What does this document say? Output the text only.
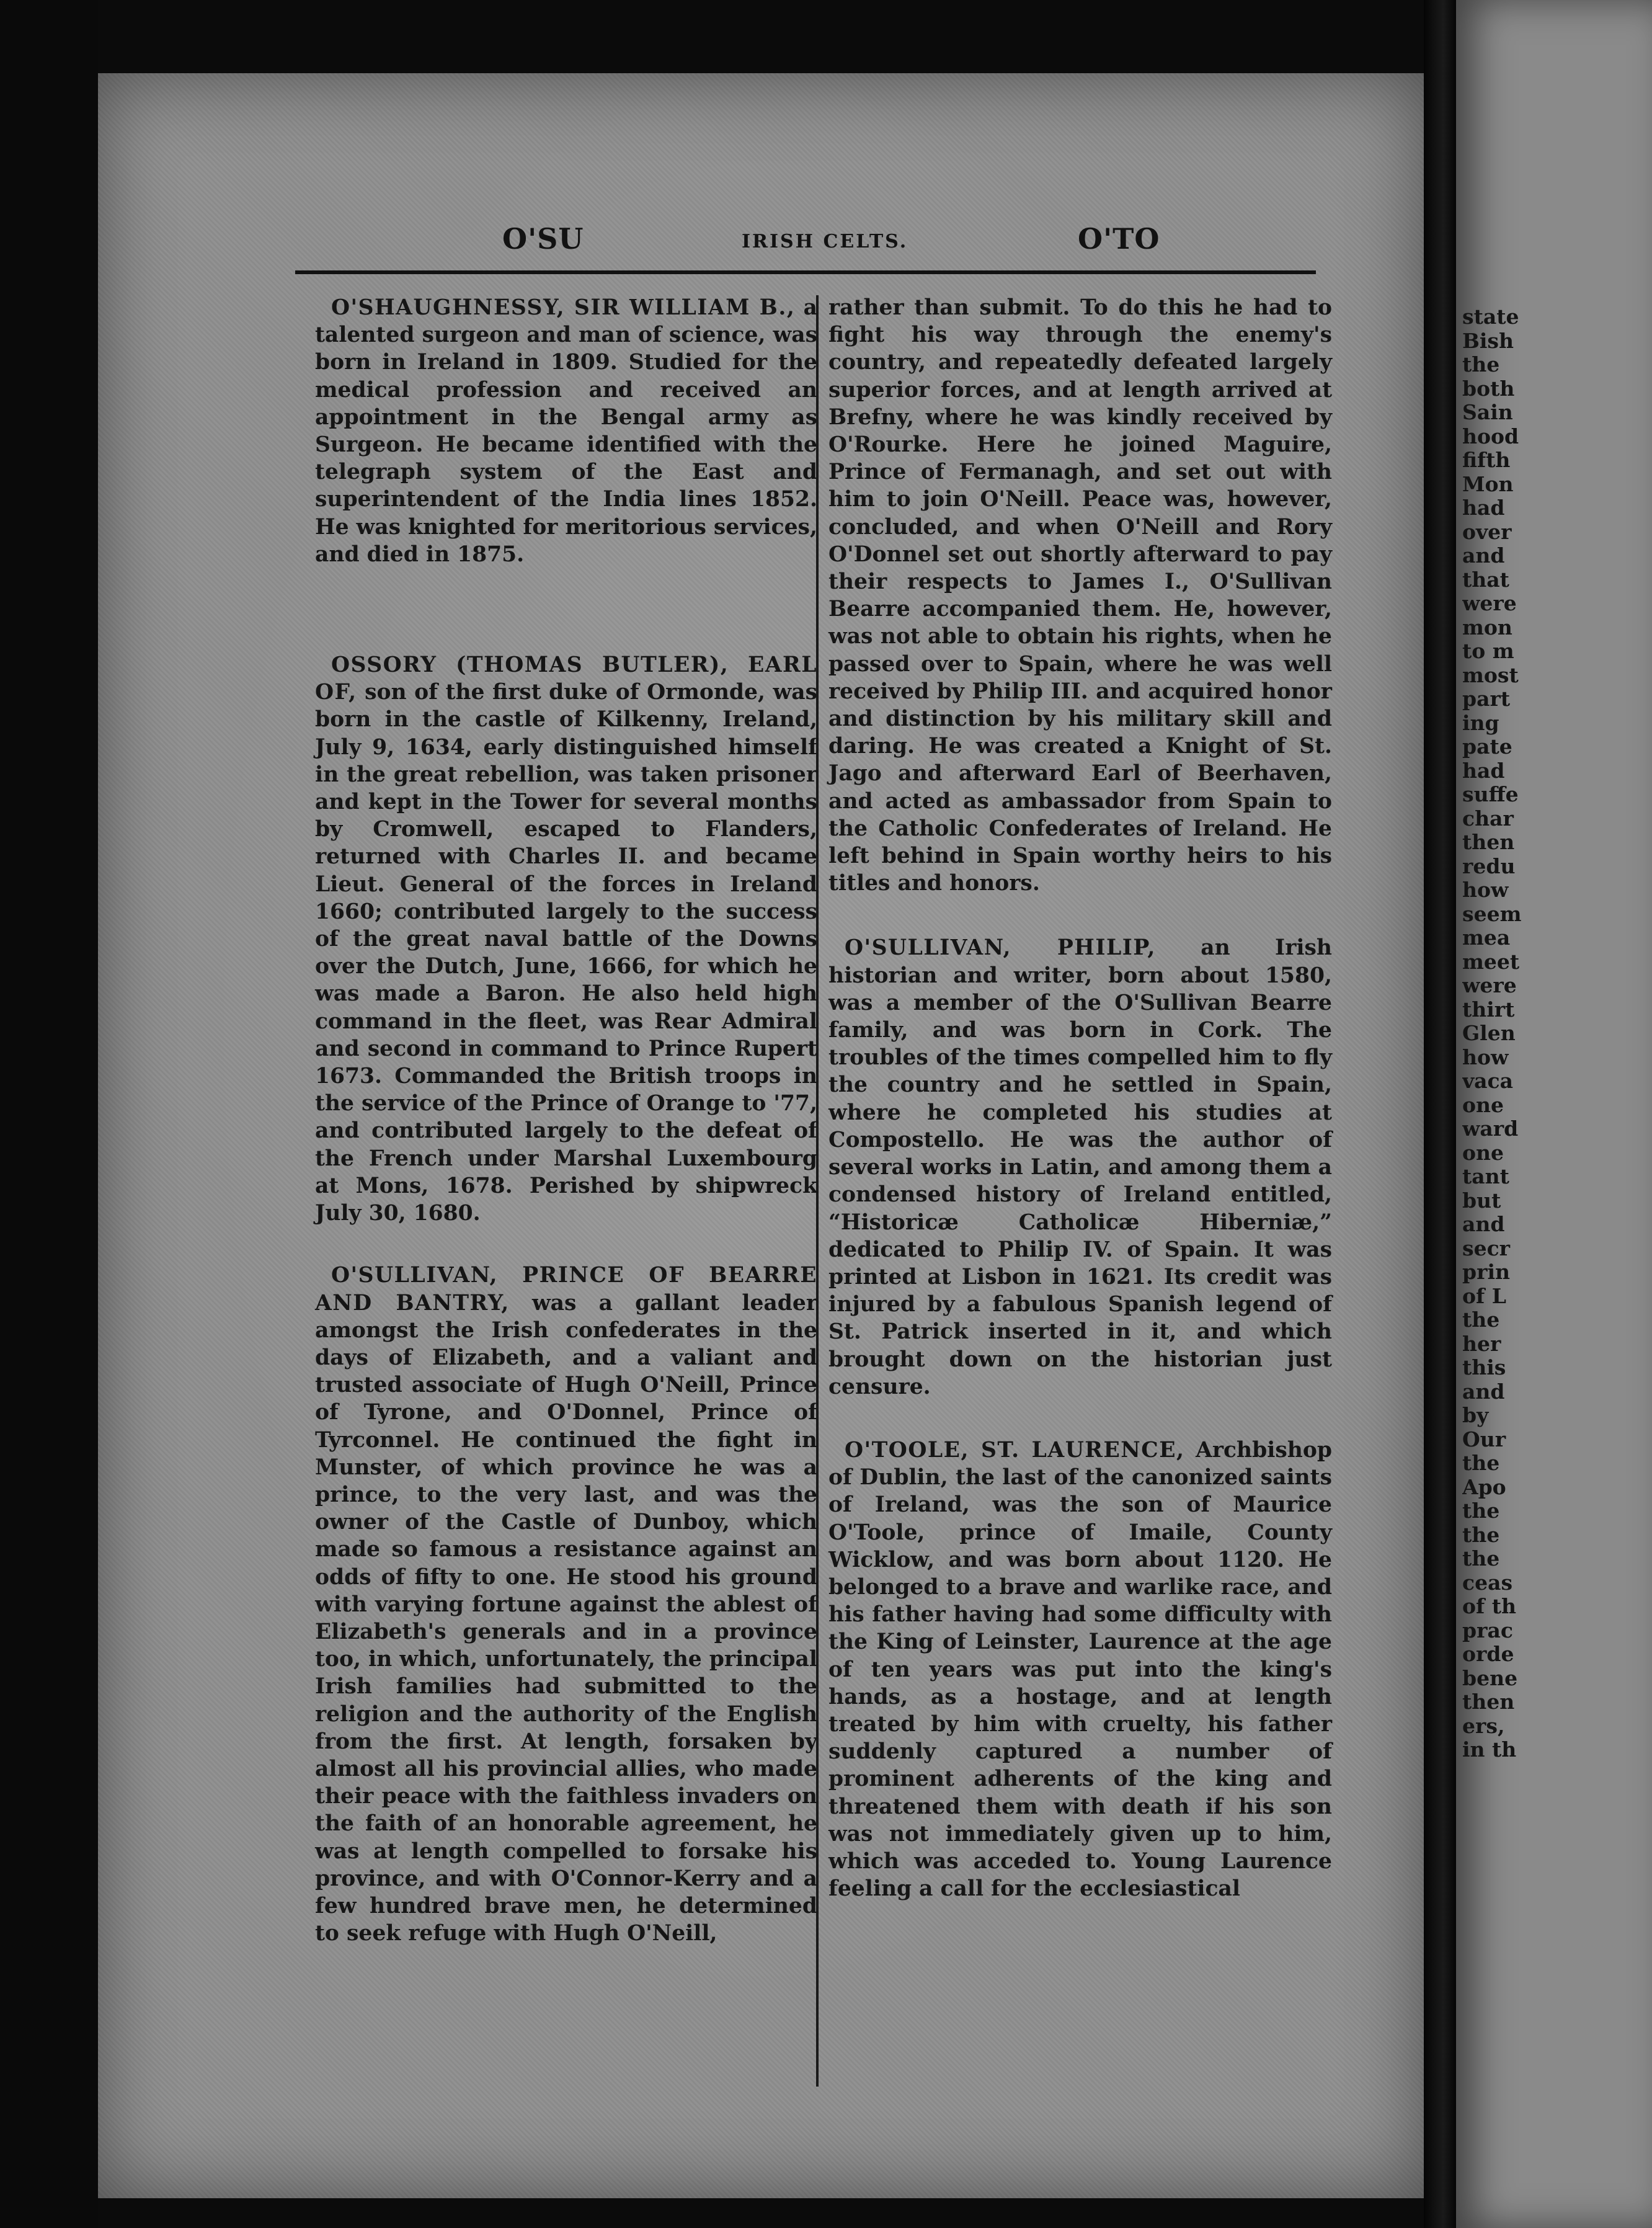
state
Bish
the
both
Sain
hood
fifth
Mon
had
over
and
that
were
mon
to m
most
part
ing
pate
had
suffe
char
then
redu
how
seem
mea
meet
were
thirt
Glen
how
vaca
one
ward
one
tant
but
and
secr
prin
of L
the
her
this
and
by
Our
the
Apo
the
the
the
ceas
of th
prac
orde
bene
then
ers,
in th
O'SU	IRISH CELTS.	O'TO

O'SHAUGHNESSY, SIR WILLIAM B., a talented surgeon and man of science, was born in Ireland in 1809. Studied for the medical profession and received an appointment in the Bengal army as Surgeon. He became identified with the telegraph system of the East and superintendent of the India lines 1852. He was knighted for meritorious services, and died in 1875.

OSSORY (THOMAS BUTLER), EARL OF, son of the first duke of Ormonde, was born in the castle of Kilkenny, Ireland, July 9, 1634, early distinguished himself in the great rebellion, was taken prisoner and kept in the Tower for several months by Cromwell, escaped to Flanders, returned with Charles II. and became Lieut. General of the forces in Ireland 1660; contributed largely to the success of the great naval battle of the Downs over the Dutch, June, 1666, for which he was made a Baron. He also held high command in the fleet, was Rear Admiral and second in command to Prince Rupert 1673. Commanded the British troops in the service of the Prince of Orange to '77, and contributed largely to the defeat of the French under Marshal Luxembourg at Mons, 1678. Perished by shipwreck July 30, 1680.

O'SULLIVAN, PRINCE OF BEARRE AND BANTRY, was a gallant leader amongst the Irish confederates in the days of Elizabeth, and a valiant and trusted associate of Hugh O'Neill, Prince of Tyrone, and O'Donnel, Prince of Tyrconnel. He continued the fight in Munster, of which province he was a prince, to the very last, and was the owner of the Castle of Dunboy, which made so famous a resistance against an odds of fifty to one. He stood his ground with varying fortune against the ablest of Elizabeth's generals and in a province too, in which, unfortunately, the principal Irish families had submitted to the religion and the authority of the English from the first. At length, forsaken by almost all his provincial allies, who made their peace with the faithless invaders on the faith of an honorable agreement, he was at length compelled to forsake his province, and with O'Connor-Kerry and a few hundred brave men, he determined to seek refuge with Hugh O'Neill,

rather than submit. To do this he had to fight his way through the enemy's country, and repeatedly defeated largely superior forces, and at length arrived at Brefny, where he was kindly received by O'Rourke. Here he joined Maguire, Prince of Fermanagh, and set out with him to join O'Neill. Peace was, however, concluded, and when O'Neill and Rory O'Donnel set out shortly afterward to pay their respects to James I., O'Sullivan Bearre accompanied them. He, however, was not able to obtain his rights, when he passed over to Spain, where he was well received by Philip III. and acquired honor and distinction by his military skill and daring. He was created a Knight of St. Jago and afterward Earl of Beerhaven, and acted as ambassador from Spain to the Catholic Confederates of Ireland. He left behind in Spain worthy heirs to his titles and honors.

O'SULLIVAN, PHILIP, an Irish historian and writer, born about 1580, was a member of the O'Sullivan Bearre family, and was born in Cork. The troubles of the times compelled him to fly the country and he settled in Spain, where he completed his studies at Compostello. He was the author of several works in Latin, and among them a condensed history of Ireland entitled, “Historicæ Catholicæ Hiberniæ,” dedicated to Philip IV. of Spain. It was printed at Lisbon in 1621. Its credit was injured by a fabulous Spanish legend of St. Patrick inserted in it, and which brought down on the historian just censure.

O'TOOLE, ST. LAURENCE, Archbishop of Dublin, the last of the canonized saints of Ireland, was the son of Maurice O'Toole, prince of Imaile, County Wicklow, and was born about 1120. He belonged to a brave and warlike race, and his father having had some difficulty with the King of Leinster, Laurence at the age of ten years was put into the king's hands, as a hostage, and at length treated by him with cruelty, his father suddenly captured a number of prominent adherents of the king and threatened them with death if his son was not immediately given up to him, which was acceded to. Young Laurence feeling a call for the ecclesiastical
